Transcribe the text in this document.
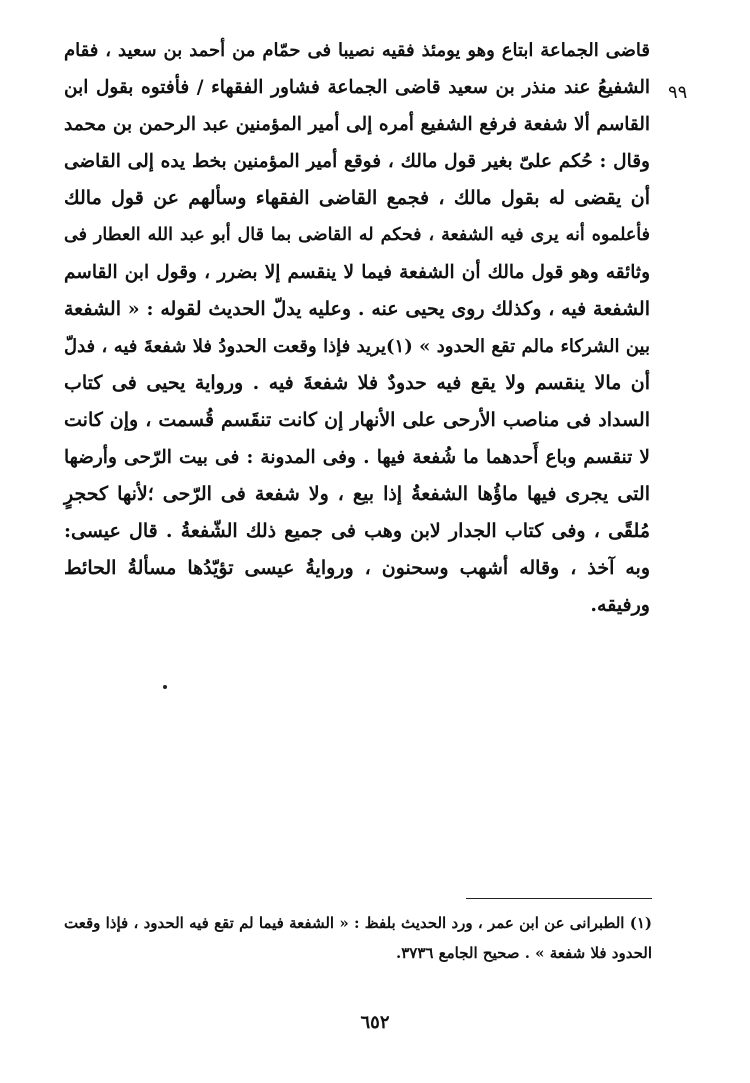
٩٩
قاضى الجماعة ابتاع وهو يومئذ فقيه نصيبا فى حمّام من أحمد بن سعيد ، فقام
الشفيعُ عند منذر بن سعيد قاضى الجماعة فشاور الفقهاء / فأفتوه بقول ابن
القاسم ألا شفعة فرفع الشفيع أمره إلى أمير المؤمنين عبد الرحمن بن محمد
وقال : حُكم علىّ بغير قول مالك ، فوقع أمير المؤمنين بخط يده إلى القاضى
أن يقضى له بقول مالك ، فجمع القاضى الفقهاء وسألهم عن قول مالك
فأعلموه أنه يرى فيه الشفعة ، فحكم له القاضى بما قال أبو عبد الله العطار فى
وثائقه وهو قول مالك أن الشفعة فيما لا ينقسم إلا بضرر ، وقول ابن القاسم
الشفعة فيه ، وكذلك روى يحيى عنه . وعليه يدلّ الحديث لقوله : « الشفعة
بين الشركاء مالم تقع الحدود » (١)يريد فإذا وقعت الحدودُ فلا شفعةَ فيه ، فدلّ
أن مالا ينقسم ولا يقع فيه حدودٌ فلا شفعةَ فيه . ورواية يحيى فى كتاب
السداد فى مناصب الأرحى على الأنهار إن كانت تنقَسم قُسمت ، وإن كانت
لا تنقسم وباع أَحدهما ما شُفعة فيها . وفى المدونة : فى بيت الرّحى وأرضها
التى يجرى فيها ماؤُها الشفعةُ إذا بيع ، ولا شفعة فى الرّحى ؛لأنها كحجرٍ
مُلقًى ، وفى كتاب الجدار لابن وهب فى جميع ذلك الشّفعةُ . قال عيسى:
وبه آخذ ، وقاله أشهب وسحنون ، وروايةُ عيسى تؤيّدُها مسألةُ الحائط
ورفيقه.
(١) الطبرانى عن ابن عمر ، ورد الحديث بلفظ : « الشفعة فيما لم تقع فيه الحدود ، فإذا وقعت
الحدود فلا شفعة » . صحيح الجامع ٣٧٣٦.
٦٥٢
